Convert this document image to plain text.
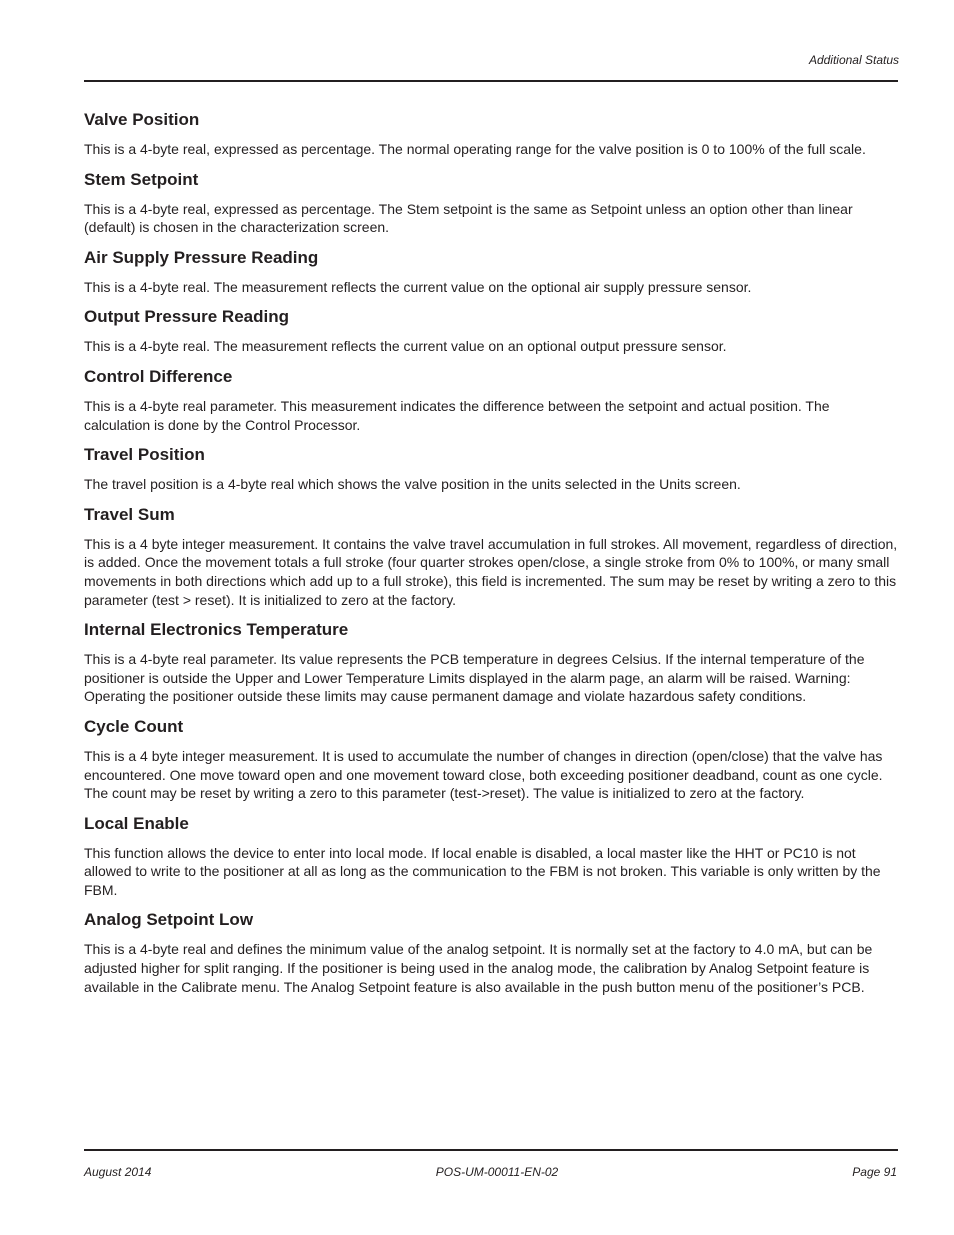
Additional Status
Valve Position

This is a 4-byte real, expressed as percentage. The normal operating range for the valve position is 0 to 100% of the full scale.

Stem Setpoint

This is a 4-byte real, expressed as percentage. The Stem setpoint is the same as Setpoint unless an option other than linear (default) is chosen in the characterization screen.

Air Supply Pressure Reading

This is a 4-byte real. The measurement reflects the current value on the optional air supply pressure sensor.

Output Pressure Reading

This is a 4-byte real. The measurement reflects the current value on an optional output pressure sensor.

Control Difference

This is a 4-byte real parameter. This measurement indicates the difference between the setpoint and actual position. The calculation is done by the Control Processor.

Travel Position

The travel position is a 4-byte real which shows the valve position in the units selected in the Units screen.

Travel Sum

This is a 4 byte integer measurement. It contains the valve travel accumulation in full strokes. All movement, regardless of direction, is added. Once the movement totals a full stroke (four quarter strokes open/close, a single stroke from 0% to 100%, or many small movements in both directions which add up to a full stroke), this field is incremented. The sum may be reset by writing a zero to this parameter (test > reset). It is initialized to zero at the factory.

Internal Electronics Temperature

This is a 4-byte real parameter. Its value represents the PCB temperature in degrees Celsius. If the internal temperature of the positioner is outside the Upper and Lower Temperature Limits displayed in the alarm page, an alarm will be raised. Warning: Operating the positioner outside these limits may cause permanent damage and violate hazardous safety conditions.

Cycle Count

This is a 4 byte integer measurement. It is used to accumulate the number of changes in direction (open/close) that the valve has encountered. One move toward open and one movement toward close, both exceeding positioner deadband, count as one cycle. The count may be reset by writing a zero to this parameter (test->reset). The value is initialized to zero at the factory.

Local Enable

This function allows the device to enter into local mode. If local enable is disabled, a local master like the HHT or PC10 is not allowed to write to the positioner at all as long as the communication to the FBM is not broken. This variable is only written by the FBM.

Analog Setpoint Low

This is a 4-byte real and defines the minimum value of the analog setpoint. It is normally set at the factory to 4.0 mA, but can be adjusted higher for split ranging. If the positioner is being used in the analog mode, the calibration by Analog Setpoint feature is available in the Calibrate menu. The Analog Setpoint feature is also available in the push button menu of the positioner’s PCB.

August 2014	POS-UM-00011-EN-02	Page 91
